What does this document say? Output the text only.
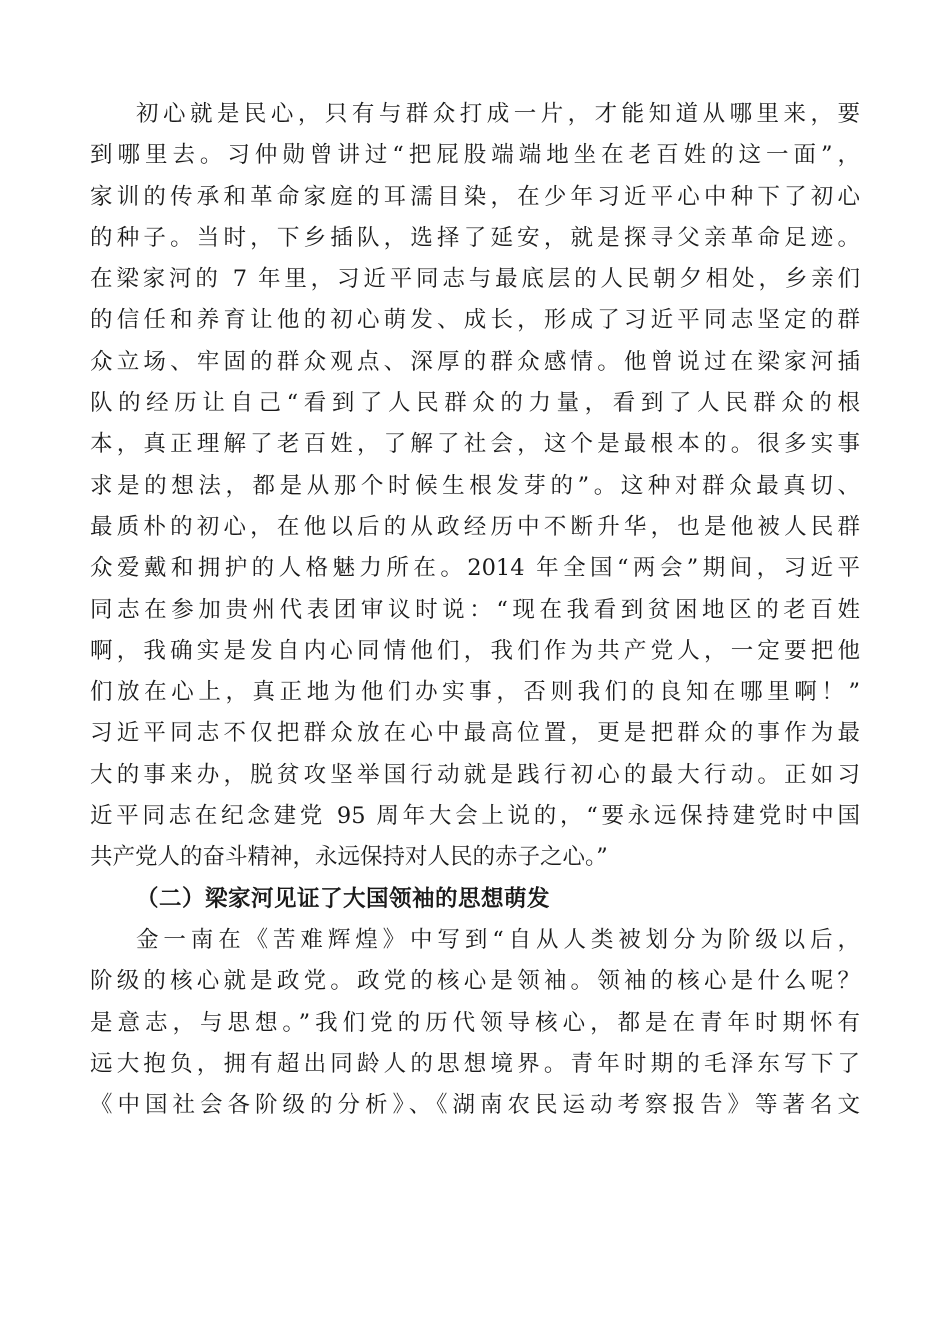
初心就是民心，只有与群众打成一片，才能知道从哪里来，要
到哪里去。习仲勋曾讲过“把屁股端端地坐在老百姓的这一面”，
家训的传承和革命家庭的耳濡目染，在少年习近平心中种下了初心
的种子。当时，下乡插队，选择了延安，就是探寻父亲革命足迹。
在梁家河的 7 年里，习近平同志与最底层的人民朝夕相处，乡亲们
的信任和养育让他的初心萌发、成长，形成了习近平同志坚定的群
众立场、牢固的群众观点、深厚的群众感情。他曾说过在梁家河插
队的经历让自己“看到了人民群众的力量，看到了人民群众的根
本，真正理解了老百姓，了解了社会，这个是最根本的。很多实事
求是的想法，都是从那个时候生根发芽的”。这种对群众最真切、
最质朴的初心，在他以后的从政经历中不断升华，也是他被人民群
众爱戴和拥护的人格魅力所在。2014 年全国“两会”期间，习近平
同志在参加贵州代表团审议时说：“现在我看到贫困地区的老百姓
啊，我确实是发自内心同情他们，我们作为共产党人，一定要把他
们放在心上，真正地为他们办实事，否则我们的良知在哪里啊！”
习近平同志不仅把群众放在心中最高位置，更是把群众的事作为最
大的事来办，脱贫攻坚举国行动就是践行初心的最大行动。正如习
近平同志在纪念建党 95 周年大会上说的，“要永远保持建党时中国
共产党人的奋斗精神，永远保持对人民的赤子之心。”
（二）梁家河见证了大国领袖的思想萌发
金一南在《苦难辉煌》中写到“自从人类被划分为阶级以后，
阶级的核心就是政党。政党的核心是领袖。领袖的核心是什么呢？
是意志，与思想。”我们党的历代领导核心，都是在青年时期怀有
远大抱负，拥有超出同龄人的思想境界。青年时期的毛泽东写下了
《中国社会各阶级的分析》、《湖南农民运动考察报告》等著名文
